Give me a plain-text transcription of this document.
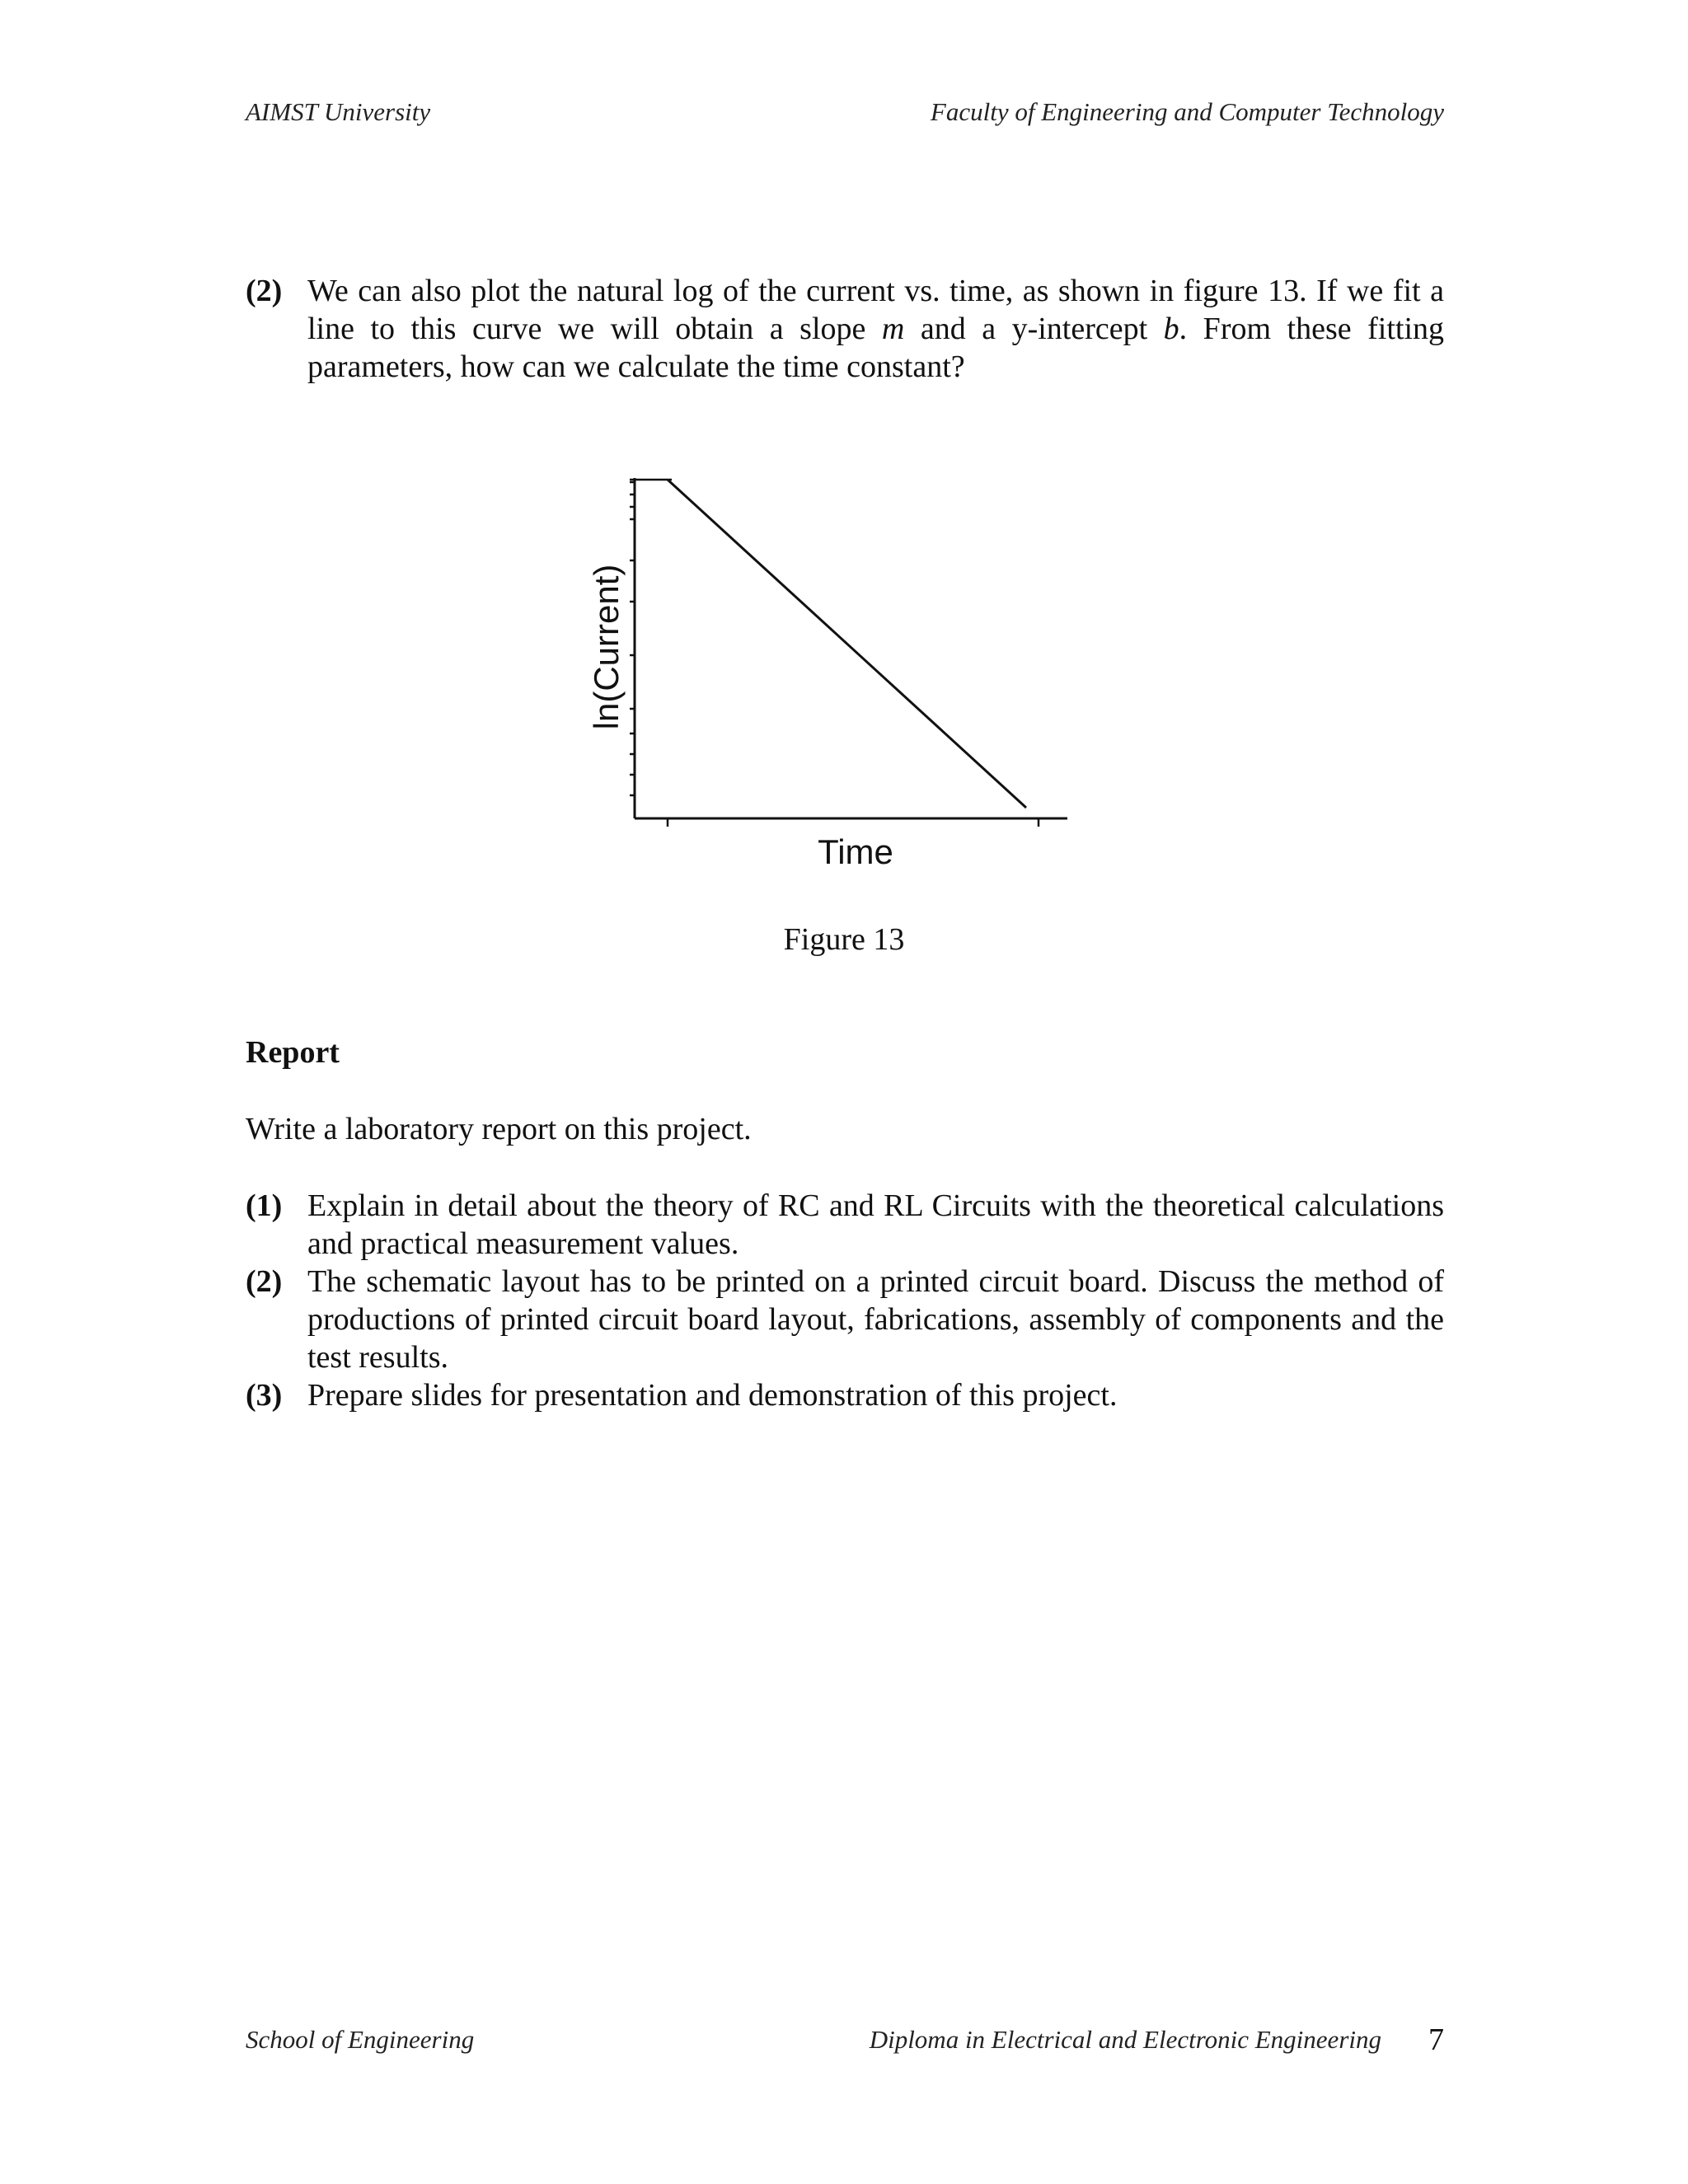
AIMST University	Faculty of Engineering and Computer Technology
(2) We can also plot the natural log of the current vs. time, as shown in figure 13. If we fit a line to this curve we will obtain a slope m and a y-intercept b. From these fitting parameters, how can we calculate the time constant?
Time
ln(Current)
Figure 13
Report
Write a laboratory report on this project.
(1) Explain in detail about the theory of RC and RL Circuits with the theoretical calculations and practical measurement values.
(2) The schematic layout has to be printed on a printed circuit board. Discuss the method of productions of printed circuit board layout, fabrications, assembly of components and the test results.
(3) Prepare slides for presentation and demonstration of this project.
School of Engineering	Diploma in Electrical and Electronic Engineering 7
